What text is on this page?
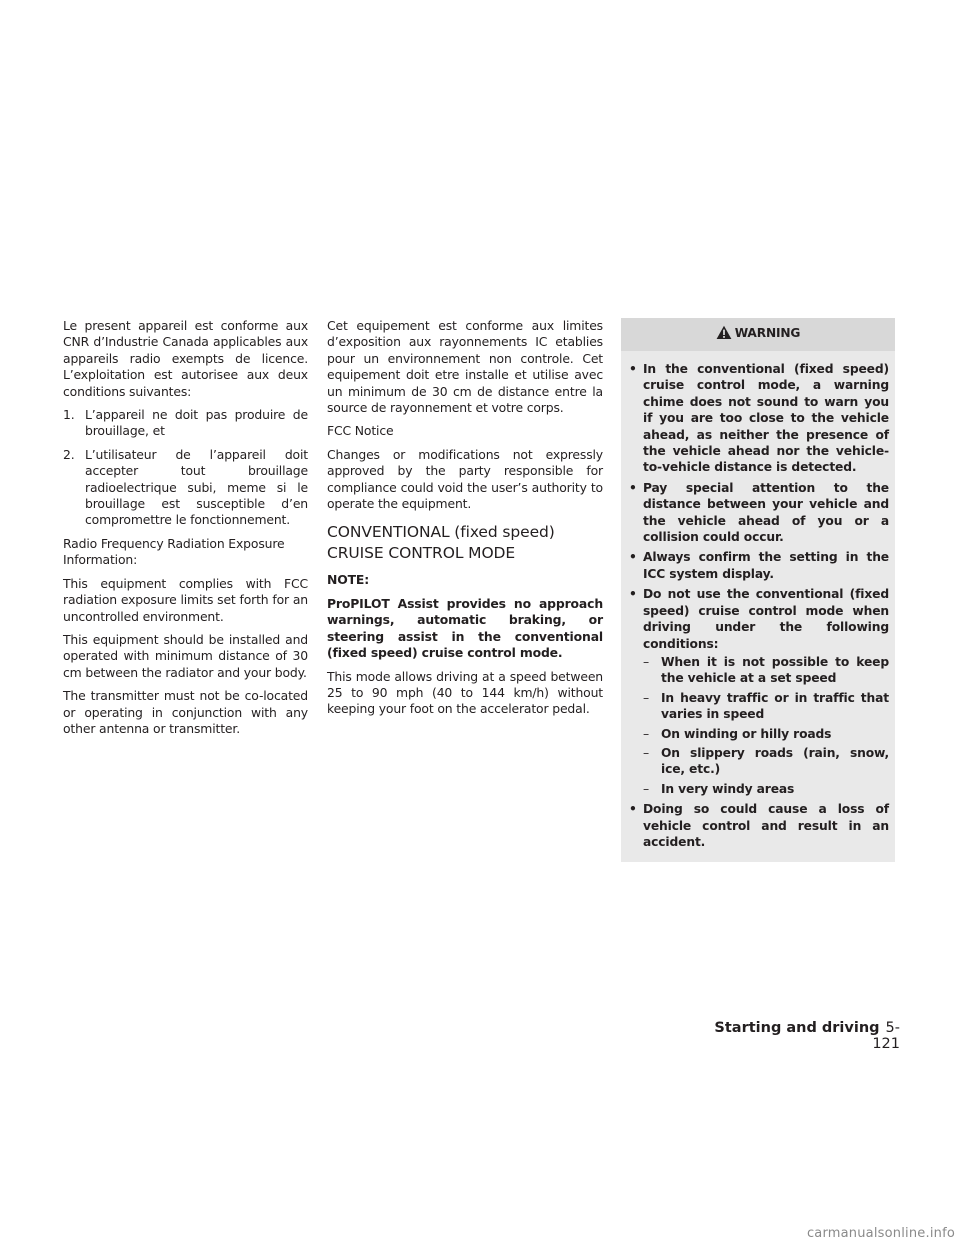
Le present appareil est conforme aux CNR d’Industrie Canada applicables aux appareils radio exempts de licence. L’exploitation est autorisee aux deux conditions suivantes:

1. L’appareil ne doit pas produire de brouillage, et
2. L’utilisateur de l’appareil doit accepter tout brouillage radioelectrique subi, meme si le brouillage est susceptible d’en compromettre le fonctionnement.

Radio Frequency Radiation Exposure Information:

This equipment complies with FCC radiation exposure limits set forth for an uncontrolled environment.

This equipment should be installed and operated with minimum distance of 30 cm between the radiator and your body.

The transmitter must not be co-located or operating in conjunction with any other antenna or transmitter.

Cet equipement est conforme aux limites d’exposition aux rayonnements IC etablies pour un environnement non controle. Cet equipement doit etre installe et utilise avec un minimum de 30 cm de distance entre la source de rayonnement et votre corps.

FCC Notice

Changes or modifications not expressly approved by the party responsible for compliance could void the user’s authority to operate the equipment.

CONVENTIONAL (fixed speed) CRUISE CONTROL MODE

NOTE:

ProPILOT Assist provides no approach warnings, automatic braking, or steering assist in the conventional (fixed speed) cruise control mode.

This mode allows driving at a speed between 25 to 90 mph (40 to 144 km/h) without keeping your foot on the accelerator pedal.

WARNING
• In the conventional (fixed speed) cruise control mode, a warning chime does not sound to warn you if you are too close to the vehicle ahead, as neither the presence of the vehicle ahead nor the vehicle-to-vehicle distance is detected.
• Pay special attention to the distance between your vehicle and the vehicle ahead of you or a collision could occur.
• Always confirm the setting in the ICC system display.
• Do not use the conventional (fixed speed) cruise control mode when driving under the following conditions:
– When it is not possible to keep the vehicle at a set speed
– In heavy traffic or in traffic that varies in speed
– On winding or hilly roads
– On slippery roads (rain, snow, ice, etc.)
– In very windy areas
• Doing so could cause a loss of vehicle control and result in an accident.
Starting and driving 5-121
carmanualsonline.info
